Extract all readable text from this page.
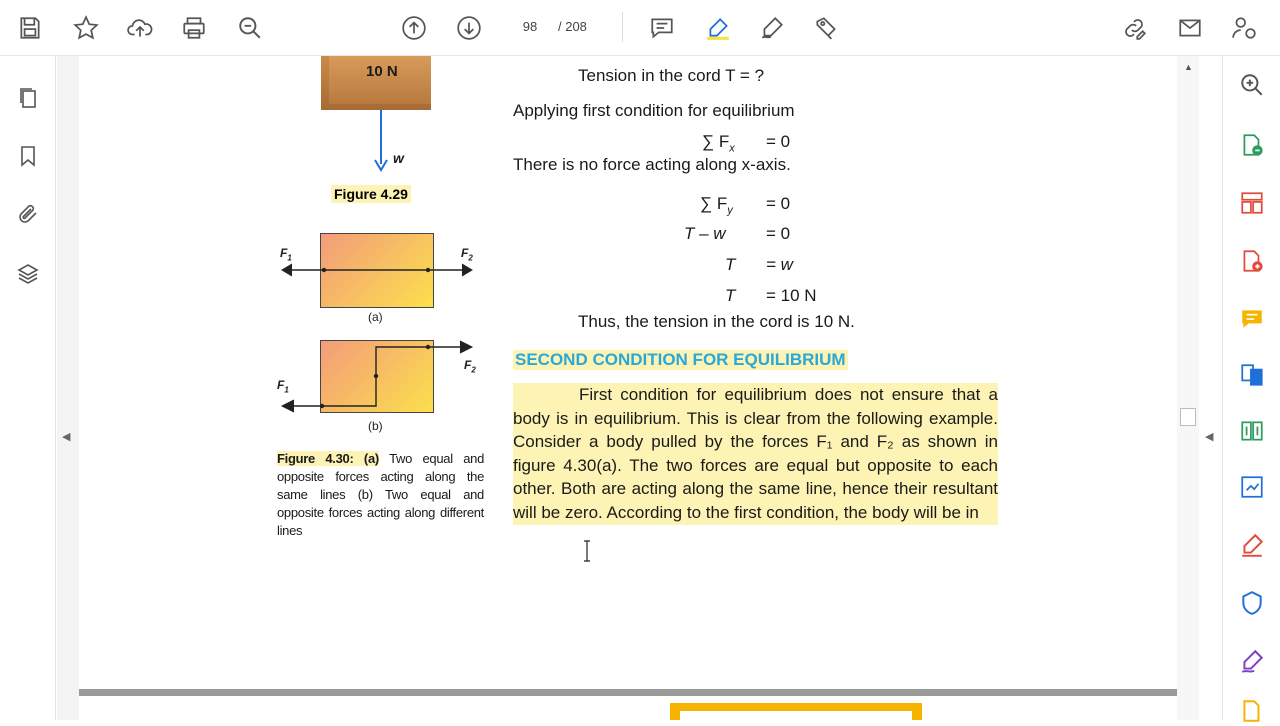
98	/ 208
◀
10 N
w
Figure 4.29
$F_1$	$F_2$
(a)
$F_2$
$F_1$
(b)
Figure 4.30: (a) Two equal and opposite forces acting along the same lines (b) Two equal and opposite forces acting along different lines
Tension in the cord T = ?
Applying first condition for equilibrium
∑ $F_x = 0$
There is no force acting along x-axis.
∑ $F_y = 0$
T – w = 0
T = w
T = 10 N
Thus, the tension in the cord is 10 N.
SECOND CONDITION FOR EQUILIBRIUM

First condition for equilibrium does not ensure that a body is in equilibrium. This is clear from the following example. Consider a body pulled by the forces F₁ and F₂ as shown in figure 4.30(a). The two forces are equal but opposite to each other. Both are acting along the same line, hence their resultant will be zero. According to the first condition, the body will be in

▲
◀
